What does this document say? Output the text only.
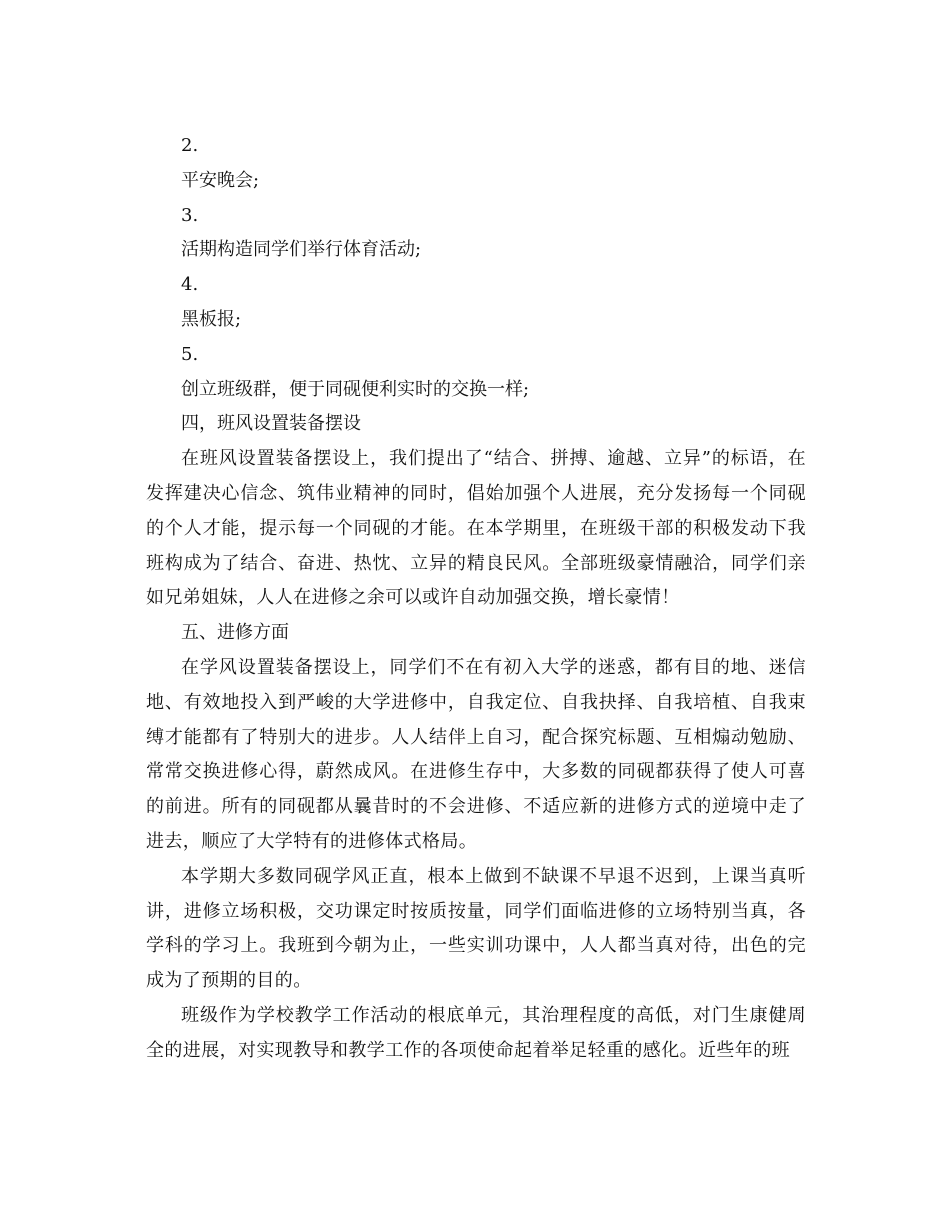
2.

平安晚会;

3.

活期构造同学们举行体育活动;

4.

黑板报;

5.

创立班级群，便于同砚便利实时的交换一样;

四，班风设置装备摆设

在班风设置装备摆设上，我们提出了“结合、拼搏、逾越、立异”的标语，在发挥建决心信念、筑伟业精神的同时，倡始加强个人进展，充分发扬每一个同砚的个人才能，提示每一个同砚的才能。在本学期里，在班级干部的积极发动下我班构成为了结合、奋进、热忱、立异的精良民风。全部班级豪情融洽，同学们亲如兄弟姐妹，人人在进修之余可以或许自动加强交换，增长豪情！

五、进修方面

在学风设置装备摆设上，同学们不在有初入大学的迷惑，都有目的地、迷信地、有效地投入到严峻的大学进修中，自我定位、自我抉择、自我培植、自我束缚才能都有了特别大的进步。人人结伴上自习，配合探究标题、互相煽动勉励、常常交换进修心得，蔚然成风。在进修生存中，大多数的同砚都获得了使人可喜的前进。所有的同砚都从曩昔时的不会进修、不适应新的进修方式的逆境中走了进去，顺应了大学特有的进修体式格局。

本学期大多数同砚学风正直，根本上做到不缺课不早退不迟到，上课当真听讲，进修立场积极，交功课定时按质按量，同学们面临进修的立场特别当真，各学科的学习上。我班到今朝为止，一些实训功课中，人人都当真对待，出色的完成为了预期的目的。

班级作为学校教学工作活动的根底单元，其治理程度的高低，对门生康健周全的进展，对实现教导和教学工作的各项使命起着举足轻重的感化。近些年的班
